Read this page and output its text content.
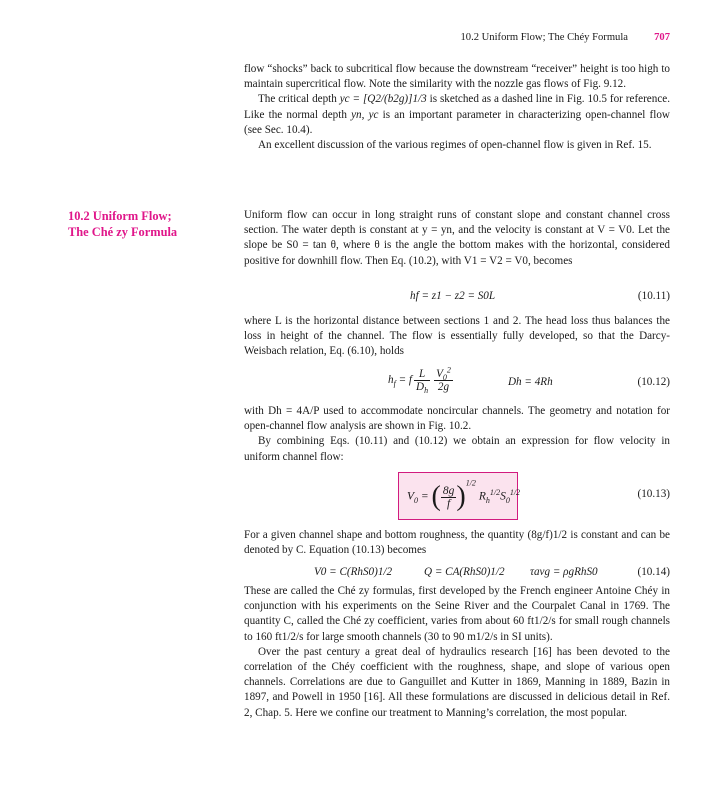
10.2 Uniform Flow; The Chéy Formula 707

flow “shocks” back to subcritical flow because the downstream “receiver” height is too high to maintain supercritical flow. Note the similarity with the nozzle gas flows of Fig. 9.12.

The critical depth yc = [Q2/(b2g)]1/3 is sketched as a dashed line in Fig. 10.5 for reference. Like the normal depth yn, yc is an important parameter in characterizing open-channel flow (see Sec. 10.4).

An excellent discussion of the various regimes of open-channel flow is given in Ref. 15.

10.2 Uniform Flow;
The Ché zy Formula

Uniform flow can occur in long straight runs of constant slope and constant channel cross section. The water depth is constant at y = yn, and the velocity is constant at V = V0. Let the slope be S0 = tan θ, where θ is the angle the bottom makes with the horizontal, considered positive for downhill flow. Then Eq. (10.2), with V1 = V2 = V0, becomes

hf = z1 − z2 = S0L	(10.11)

where L is the horizontal distance between sections 1 and 2. The head loss thus balances the loss in height of the channel. The flow is essentially fully developed, so that the Darcy-Weisbach relation, Eq. (6.10), holds

$h_f = f \frac{L}{D_h} \frac{V_0^2}{2g}$	Dh = 4Rh	(10.12)

with Dh = 4A/P used to accommodate noncircular channels. The geometry and notation for open-channel flow analysis are shown in Fig. 10.2.

By combining Eqs. (10.11) and (10.12) we obtain an expression for flow velocity in uniform channel flow:

$V_0$ = ( $\frac{8g}{f} )^{1/2}$ $R_h^{1/2}S_0^{1/2}$	(10.13)

For a given channel shape and bottom roughness, the quantity (8g/f)1/2 is constant and can be denoted by C. Equation (10.13) becomes

V0 = C(RhS0)1/2	Q = CA(RhS0)1/2 τavg = ρgRhS0	(10.14)

These are called the Ché zy formulas, first developed by the French engineer Antoine Chéy in conjunction with his experiments on the Seine River and the Courpalet Canal in 1769. The quantity C, called the Ché zy coefficient, varies from about 60 ft1/2/s for small rough channels to 160 ft1/2/s for large smooth channels (30 to 90 m1/2/s in SI units).

Over the past century a great deal of hydraulics research [16] has been devoted to the correlation of the Chéy coefficient with the roughness, shape, and slope of various open channels. Correlations are due to Ganguillet and Kutter in 1869, Manning in 1889, Bazin in 1897, and Powell in 1950 [16]. All these formulations are discussed in delicious detail in Ref. 2, Chap. 5. Here we confine our treatment to Manning’s correlation, the most popular.
